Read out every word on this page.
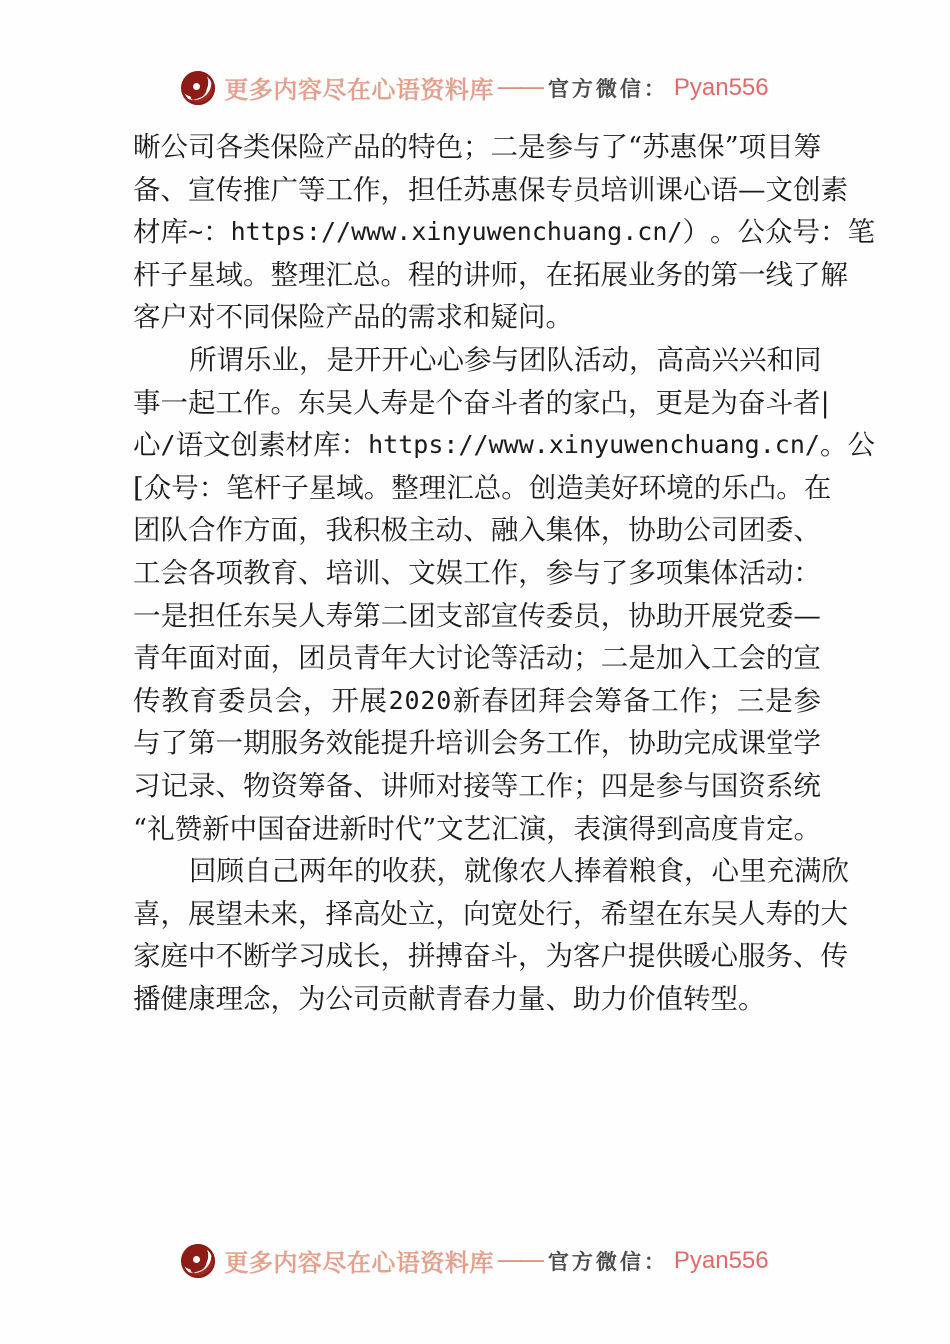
更多内容尽在心语资料库 —— 官方微信： Pyan556
晰 公 司 各 类 保 险 产 品 的 特 色 ； 二 是 参 与 了 “ 苏 惠 保 ” 项 目 筹
备 、 宣 传 推 广 等 工 作 ， 担 任 苏 惠 保 专 员 培 训 课 心 语 — 文 创 素
材 库 ~ ： h t t p s : / / w w w . x i n y u w e n c h u a n g . c n / ） 。 公 众 号 ： 笔
杆 子 星 域 。 整 理 汇 总 。 程 的 讲 师 ， 在 拓 展 业 务 的 第 一 线 了 解
客户对不同保险产品的需求和疑问。
所 谓 乐 业 ， 是 开 开 心 心 参 与 团 队 活 动 ， 高 高 兴 兴 和 同
事 一 起 工 作 。 东 吴 人 寿 是 个 奋 斗 者 的 家 凸 ， 更 是 为 奋 斗 者 |
心 / 语 文 创 素 材 库 ： h t t p s : / / w w w . x i n y u w e n c h u a n g . c n / 。 公
[ 众 号 ： 笔 杆 子 星 域 。 整 理 汇 总 。 创 造 美 好 环 境 的 乐 凸 。 在
团 队 合 作 方 面 ， 我 积 极 主 动 、 融 入 集 体 ， 协 助 公 司 团 委 、
工 会 各 项 教 育 、 培 训 、 文 娱 工 作 ， 参 与 了 多 项 集 体 活 动 ：
一 是 担 任 东 吴 人 寿 第 二 团 支 部 宣 传 委 员 ， 协 助 开 展 党 委 —
青 年 面 对 面 ， 团 员 青 年 大 讨 论 等 活 动 ； 二 是 加 入 工 会 的 宣
传 教 育 委 员 会 ， 开 展 2 0 2 0 新 春 团 拜 会 筹 备 工 作 ； 三 是 参
与 了 第 一 期 服 务 效 能 提 升 培 训 会 务 工 作 ， 协 助 完 成 课 堂 学
习 记 录 、 物 资 筹 备 、 讲 师 对 接 等 工 作 ； 四 是 参 与 国 资 系 统
“ 礼 赞 新 中 国 奋 进 新 时 代 ” 文 艺 汇 演 ， 表 演 得 到 高 度 肯 定 。
回 顾 自 己 两 年 的 收 获 ， 就 像 农 人 捧 着 粮 食 ， 心 里 充 满 欣
喜 ， 展 望 未 来 ， 择 高 处 立 ， 向 宽 处 行 ， 希 望 在 东 吴 人 寿 的 大
家 庭 中 不 断 学 习 成 长 ， 拼 搏 奋 斗 ， 为 客 户 提 供 暖 心 服 务 、 传
播健康理念，为公司贡献青春力量、助力价值转型。
更多内容尽在心语资料库 —— 官方微信： Pyan556
